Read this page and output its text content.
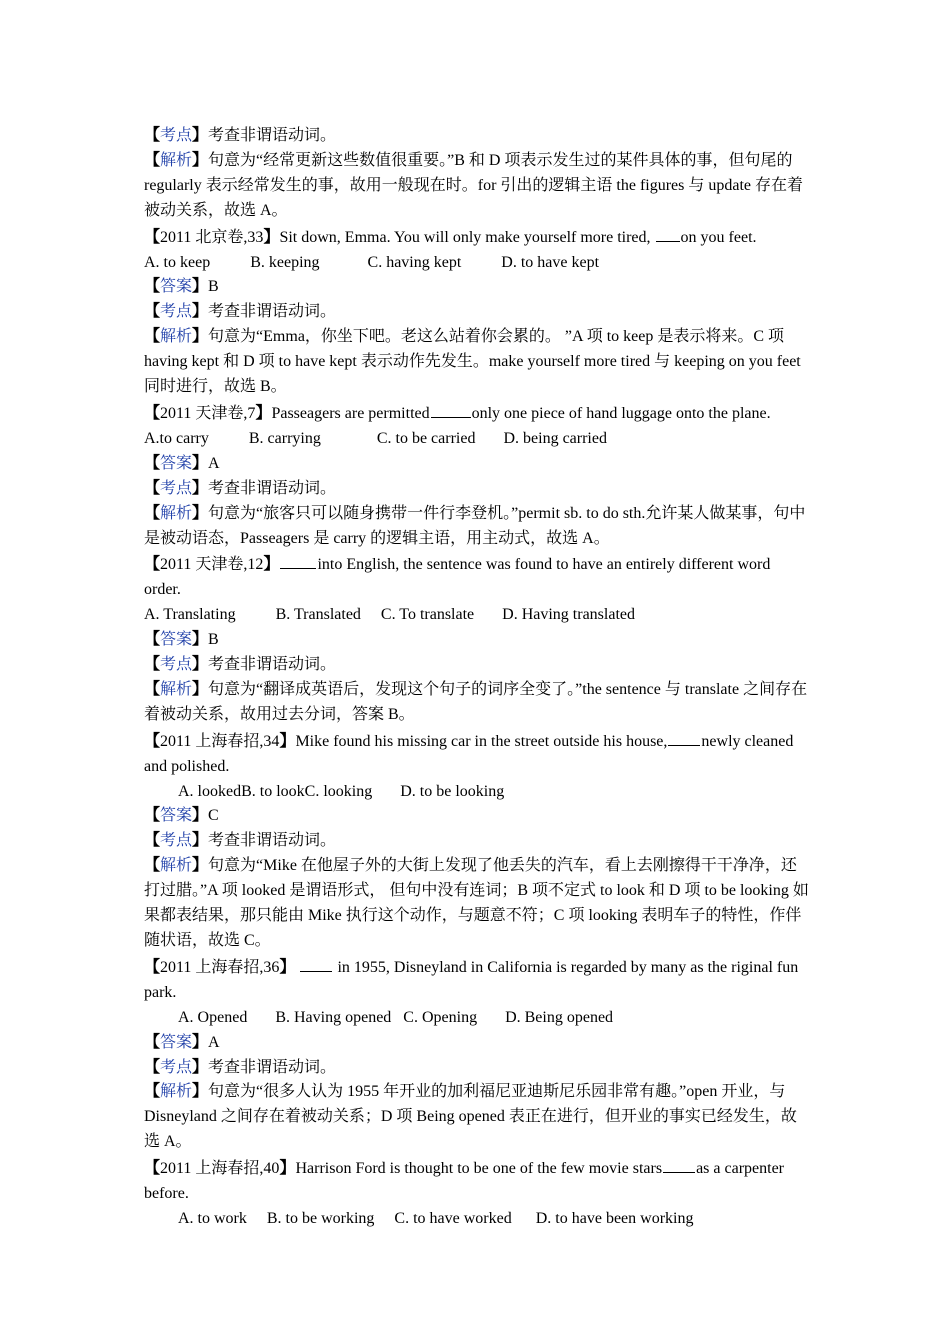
【考点】考查非谓语动词。
【解析】句意为“经常更新这些数值很重要。”B 和 D 项表示发生过的某件具体的事，但句尾的 regularly 表示经常发生的事，故用一般现在时。for 引出的逻辑主语 the figures 与 update 存在着被动关系，故选 A。
【2011 北京卷,33】Sit down, Emma. You will only make yourself more tired, on you feet.
A. to keep          B. keeping            C. having kept          D. to have kept
【答案】B
【考点】考查非谓语动词。
【解析】句意为“Emma，你坐下吧。老这么站着你会累的。 ”A 项 to keep 是表示将来。C 项 having kept 和 D 项 to have kept 表示动作先发生。make yourself more tired 与 keeping on you feet 同时进行，故选 B。
【2011 天津卷,7】Passeagers are permitted	only one piece of hand luggage onto the plane.
A.to carry          B. carrying              C. to be carried       D. being carried
【答案】A
【考点】考查非谓语动词。
【解析】句意为“旅客只可以随身携带一件行李登机。”permit sb. to do sth.允许某人做某事，句中是被动语态，Passeagers 是 carry 的逻辑主语，用主动式，故选 A。
【2011 天津卷,12】 into English, the sentence was found to have an entirely different word order.
A. Translating          B. Translated     C. To translate       D. Having translated
【答案】B
【考点】考查非谓语动词。
【解析】句意为“翻译成英语后，发现这个句子的词序全变了。”the sentence 与 translate 之间存在着被动关系，故用过去分词，答案 B。
【2011 上海春招,34】Mike found his missing car in the street outside his house, newly cleaned and polished.
A. lookedB. to lookC. looking       D. to be looking
【答案】C
【考点】考查非谓语动词。
【解析】句意为“Mike 在他屋子外的大街上发现了他丢失的汽车，看上去刚擦得干干净净，还打过腊。”A 项 looked 是谓语形式， 但句中没有连词；B 项不定式 to look 和 D 项 to be looking 如果都表结果，那只能由 Mike 执行这个动作，与题意不符；C 项 looking 表明车子的特性，作伴随状语，故选 C。
【2011 上海春招,36】  in 1955, Disneyland in California is regarded by many as the riginal fun park.
A. Opened       B. Having opened   C. Opening       D. Being opened
【答案】A
【考点】考查非谓语动词。
【解析】句意为“很多人认为 1955 年开业的加利福尼亚迪斯尼乐园非常有趣。”open 开业，与 Disneyland 之间存在着被动关系；D 项 Being opened 表正在进行，但开业的事实已经发生，故选 A。
【2011 上海春招,40】Harrison Ford is thought to be one of the few movie stars as a carpenter before.
A. to work     B. to be working     C. to have worked      D. to have been working
